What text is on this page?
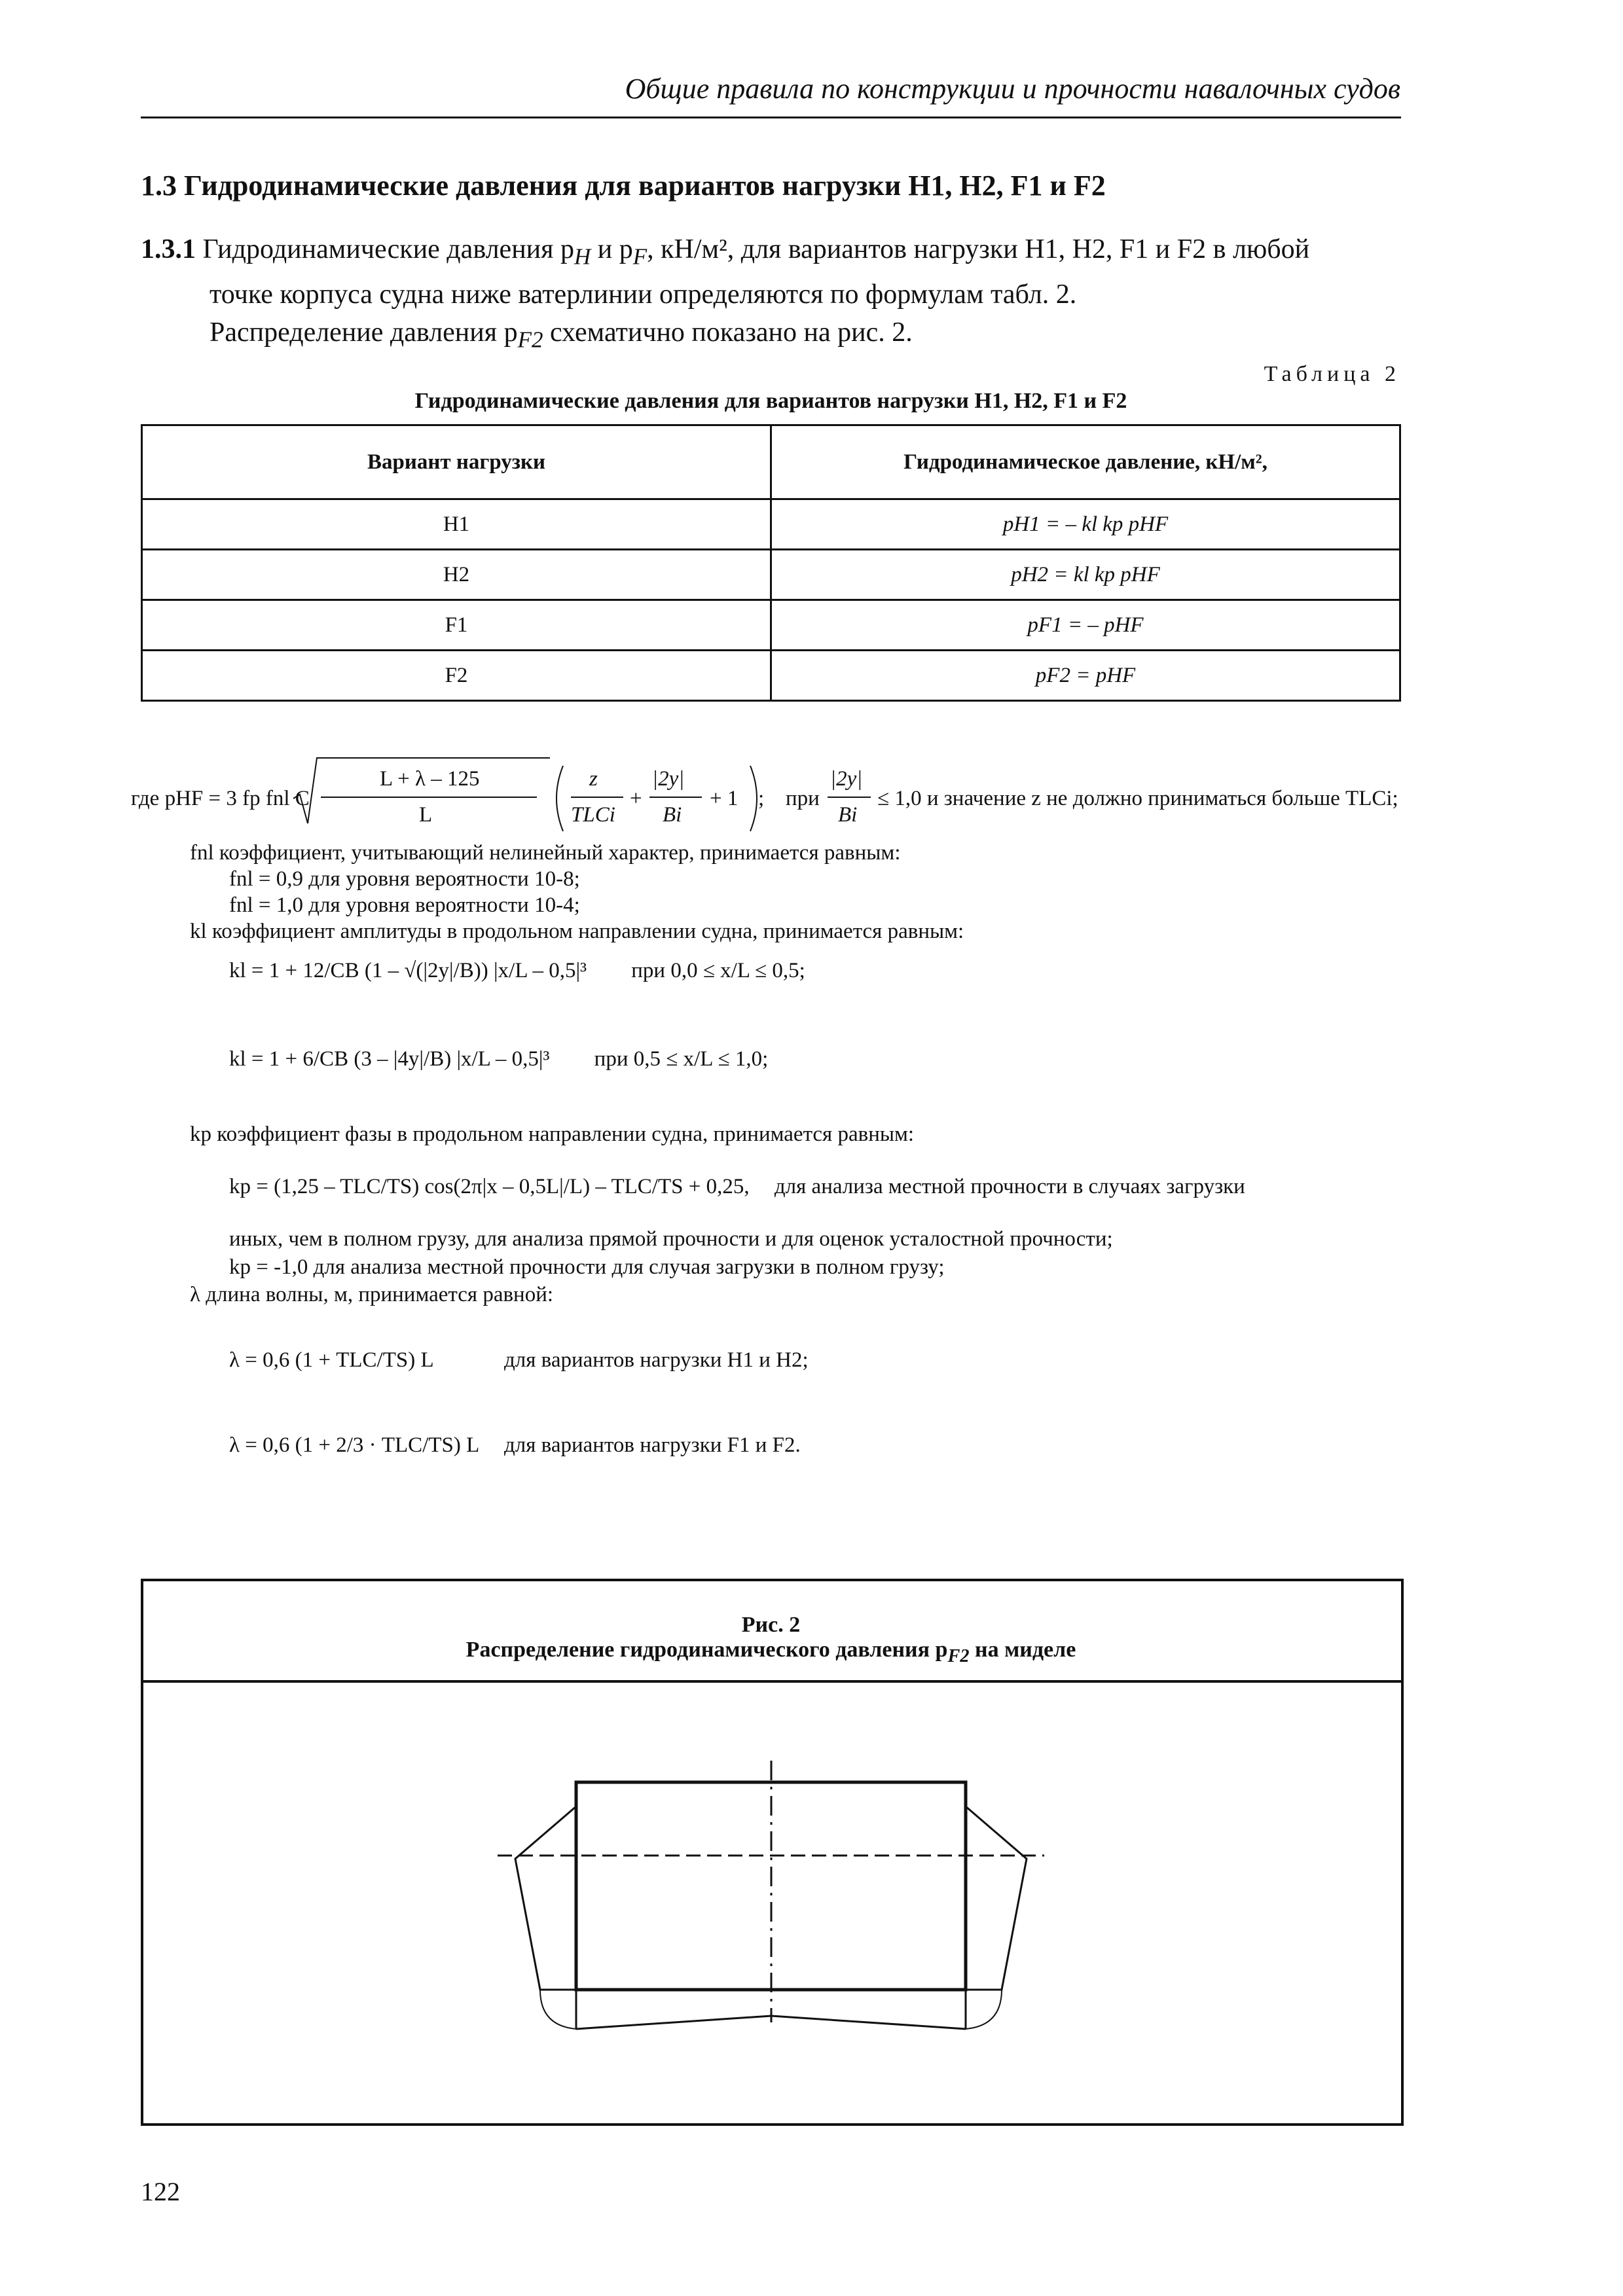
Общие правила по конструкции и прочности навалочных судов
1.3 Гидродинамические давления для вариантов нагрузки H1, H2, F1 и F2
1.3.1 Гидродинамические давления $p_H$ и $p_F$, кН/м², для вариантов нагрузки H1, H2, F1 и F2 в любой
точке корпуса судна ниже ватерлинии определяются по формулам табл. 2.
Распределение давления $p_{F2}$ схематично показано на рис. 2.
Таблица 2
Гидродинамические давления для вариантов нагрузки H1, H2, F1 и F2
Вариант нагрузки	Гидродинамическое давление, кН/м²,
H1	pH1 = – kl kp pHF
H2	pH2 = kl kp pHF
F1	pF1 = – pHF
F2	pF2 = pHF
где pHF = 3 fp fnl C
L + λ – 125
L
z
TLCi
+
|2y|
Bi
+ 1 ; при
|2y|
Bi
≤ 1,0 и значение z не должно приниматься больше TLCi;
fnl коэффициент, учитывающий нелинейный характер, принимается равным:
fnl = 0,9 для уровня вероятности 10-8;
fnl = 1,0 для уровня вероятности 10-4;
kl коэффициент амплитуды в продольном направлении судна, принимается равным:
kl = 1 + 12/CB (1 – √(|2y|/B)) |x/L – 0,5|³ при 0,0 ≤ x/L ≤ 0,5;
kl = 1 + 6/CB (3 – |4y|/B) |x/L – 0,5|³ при 0,5 ≤ x/L ≤ 1,0;
kp коэффициент фазы в продольном направлении судна, принимается равным:
kp = (1,25 – TLC/TS) cos(2π|x – 0,5L|/L) – TLC/TS + 0,25, для анализа местной прочности в случаях загрузки
иных, чем в полном грузу, для анализа прямой прочности и для оценок усталостной прочности;
kp = -1,0 для анализа местной прочности для случая загрузки в полном грузу;
λ длина волны, м, принимается равной:
λ = 0,6 (1 + TLC/TS) L	для вариантов нагрузки H1 и H2;
λ = 0,6 (1 + 2/3 · TLC/TS) L для вариантов нагрузки F1 и F2.
Рис. 2
Распределение гидродинамического давления $p_{F2}$ на миделе
122
